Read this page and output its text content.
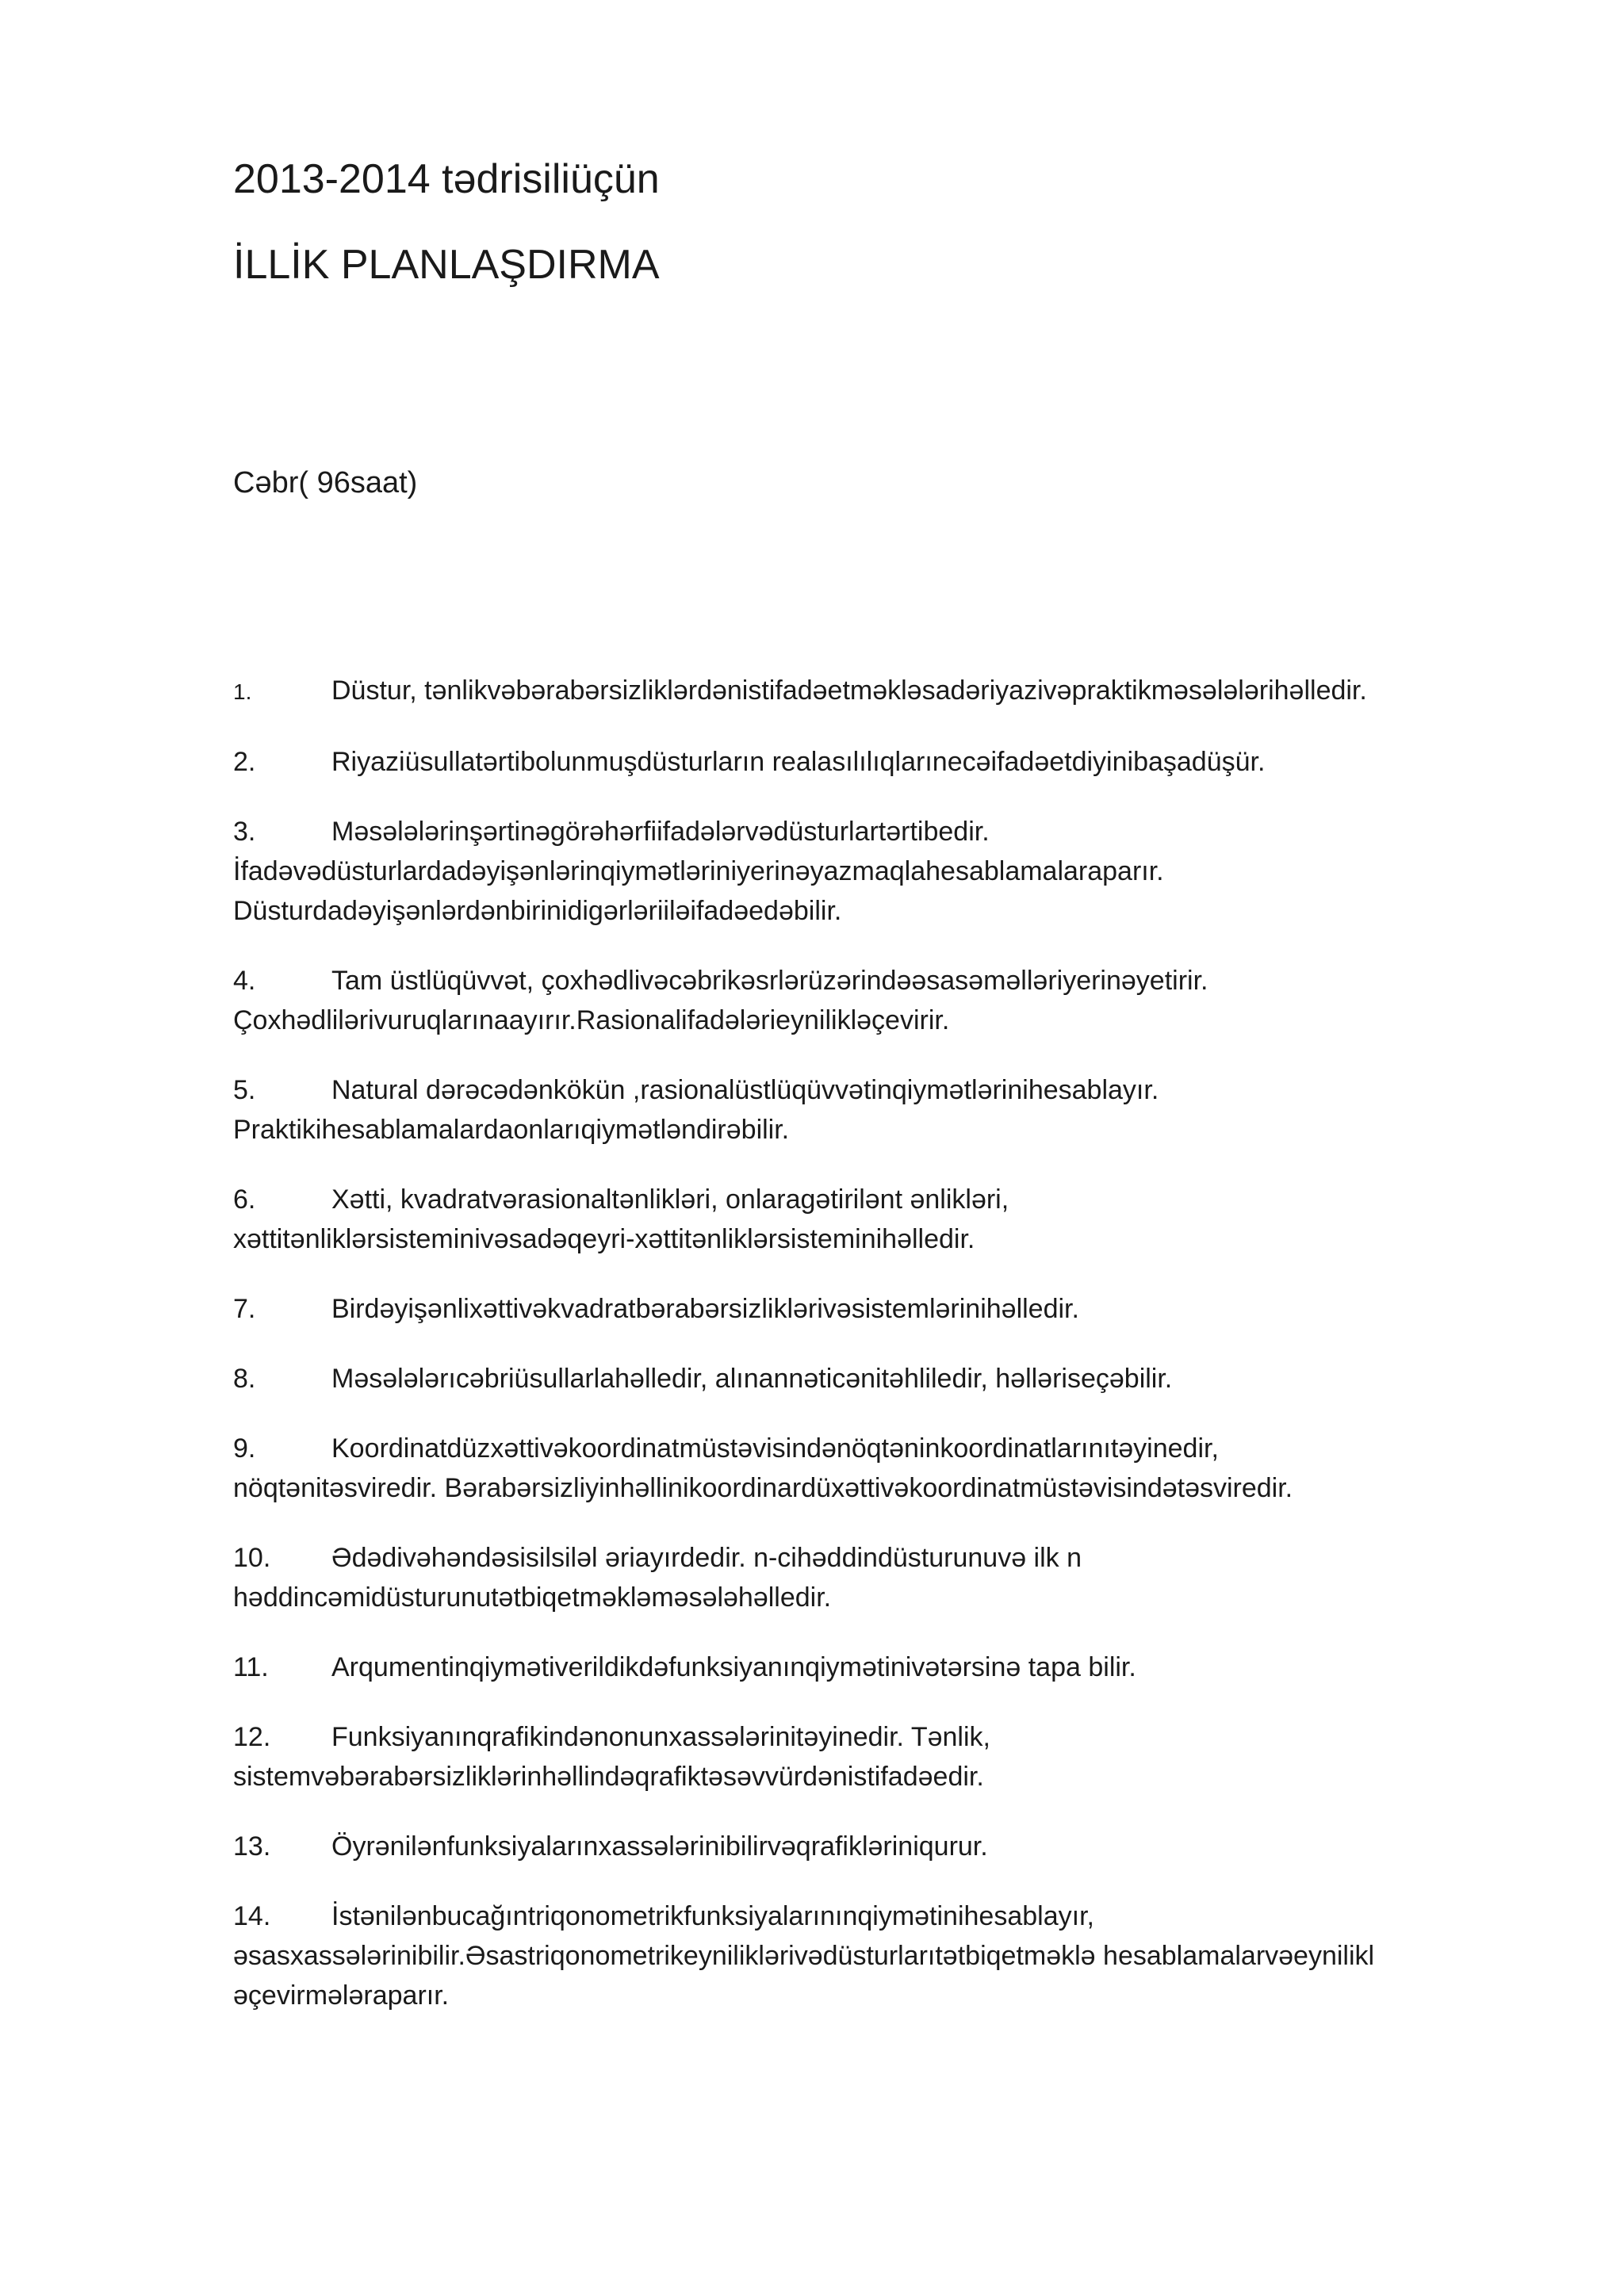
2013-2014 tədrisiliüçün
İLLİK PLANLAŞDIRMA
Cəbr( 96saat)
1.	Düstur, tənlikvəbərabərsizliklərdənistifadəetməkləsadəriyazivəpraktikməsələlərihəlledir.
2.	Riyaziüsullatərtibolunmuşdüsturların realasılılıqlarınecəifadəetdiyinibaşadüşür.
3.	Məsələlərinşərtinəgörəhərfiifadələrvədüsturlartərtibedir.
İfadəvədüsturlardadəyişənlərinqiymətləriniyerinəyazmaqlahesablamalaraparır.
Düsturdadəyişənlərdənbirinidigərləriiləifadəedəbilir.
4.	Tam üstlüqüvvət, çoxhədlivəcəbrikəsrlərüzərindəəsasəməlləriyerinəyetirir.
Çoxhədlilərivuruqlarınaayırır.Rasionalifadələrieynilikləçevirir.
5.	Natural dərəcədənkökün ,rasionalüstlüqüvvətinqiymətlərinihesablayır.
Praktikihesablamalardaonlarıqiymətləndirəbilir.
6.	Xətti, kvadratvərasionaltənlikləri, onlaragətirilənt ənlikləri,
xəttitənliklərsisteminivəsadəqeyri-xəttitənliklərsisteminihəlledir.
7.	Birdəyişənlixəttivəkvadratbərabərsizliklərivəsistemlərinihəlledir.
8.	Məsələlərıcəbriüsullarlahəlledir, alınannəticənitəhliledir, həlləriseçəbilir.
9.	Koordinatdüzxəttivəkoordinatmüstəvisindənöqtəninkoordinatlarınıtəyinedir,
nöqtənitəsviredir. Bərabərsizliyinhəllinikoordinardüxəttivəkoordinatmüstəvisindətəsviredir.
10. Ədədivəhəndəsisilsiləl əriayırdedir. n-cihəddindüsturunuvə ilk n
həddincəmidüsturunutətbiqetməkləməsələhəlledir.
11. Arqumentinqiymətiverildikdəfunksiyanınqiymətinivətərsinə tapa bilir.
12. Funksiyanınqrafikindənonunxassələrinitəyinedir. Tənlik,
sistemvəbərabərsizliklərinhəllindəqrafiktəsəvvürdənistifadəedir.
13. Öyrənilənfunksiyalarınxassələrinibilirvəqrafikləriniqurur.
14. İstənilənbucağıntriqonometrikfunksiyalarınınqiymətinihesablayır,
əsasxassələrinibilir.Əsastriqonometrikeyniliklərivədüsturlarıtətbiqetməklə hesablamalarvəeynilikl
əçevirmələraparır.
